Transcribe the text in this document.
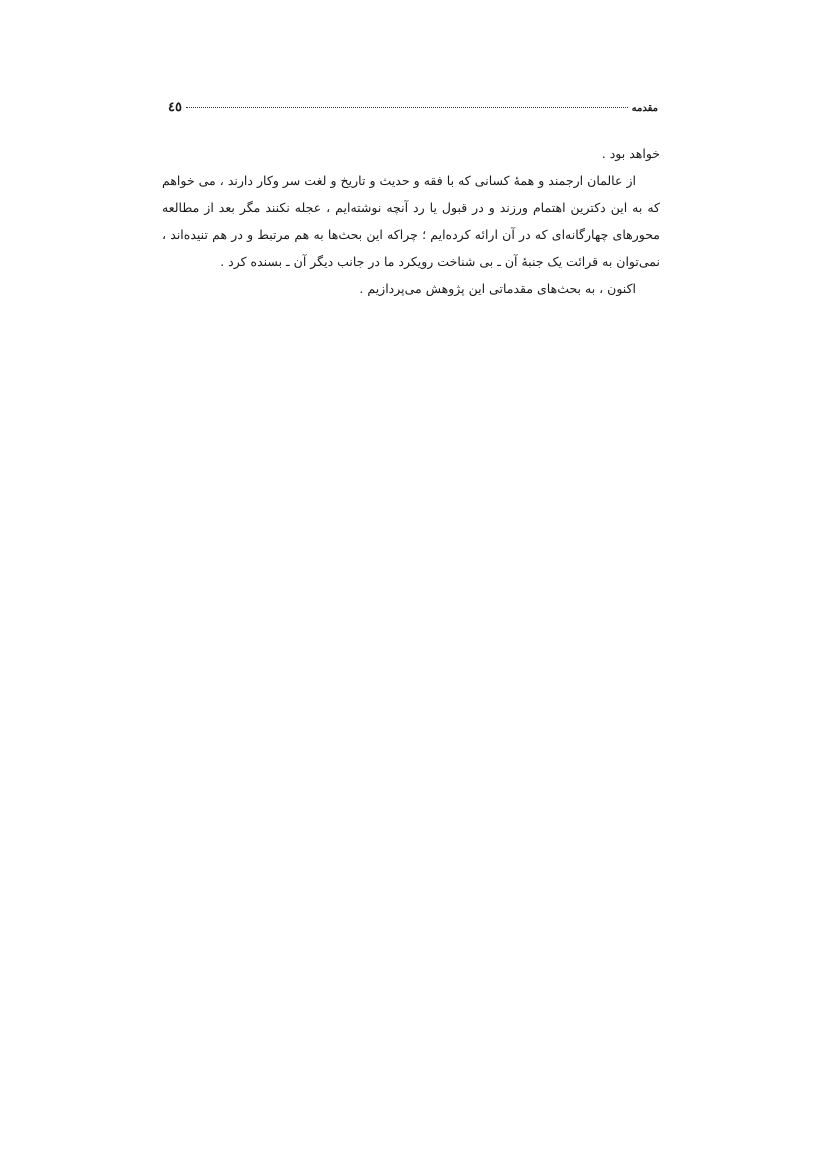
مقدمه
٤٥

خواهد بود .

از عالمان ارجمند و همهٔ کسانی که با فقه و حدیث و تاریخ و لغت سر وکار دارند ، می خواهم که به این دکترین اهتمام ورزند و در قبول یا رد آنچه نوشته‌ایم ، عجله نکنند مگر بعد از مطالعه محورهای چهارگانه‌ای که در آن ارائه کرده‌ایم ؛ چراکه این بحث‌ها به هم مرتبط و در هم تنیده‌اند ، نمی‌توان به قرائت یک جنبهٔ آن ـ بی شناخت رویکرد ما در جانب دیگر آن ـ بسنده کرد .

اکنون ، به بحث‌های مقدماتی این پژوهش می‌پردازیم .
